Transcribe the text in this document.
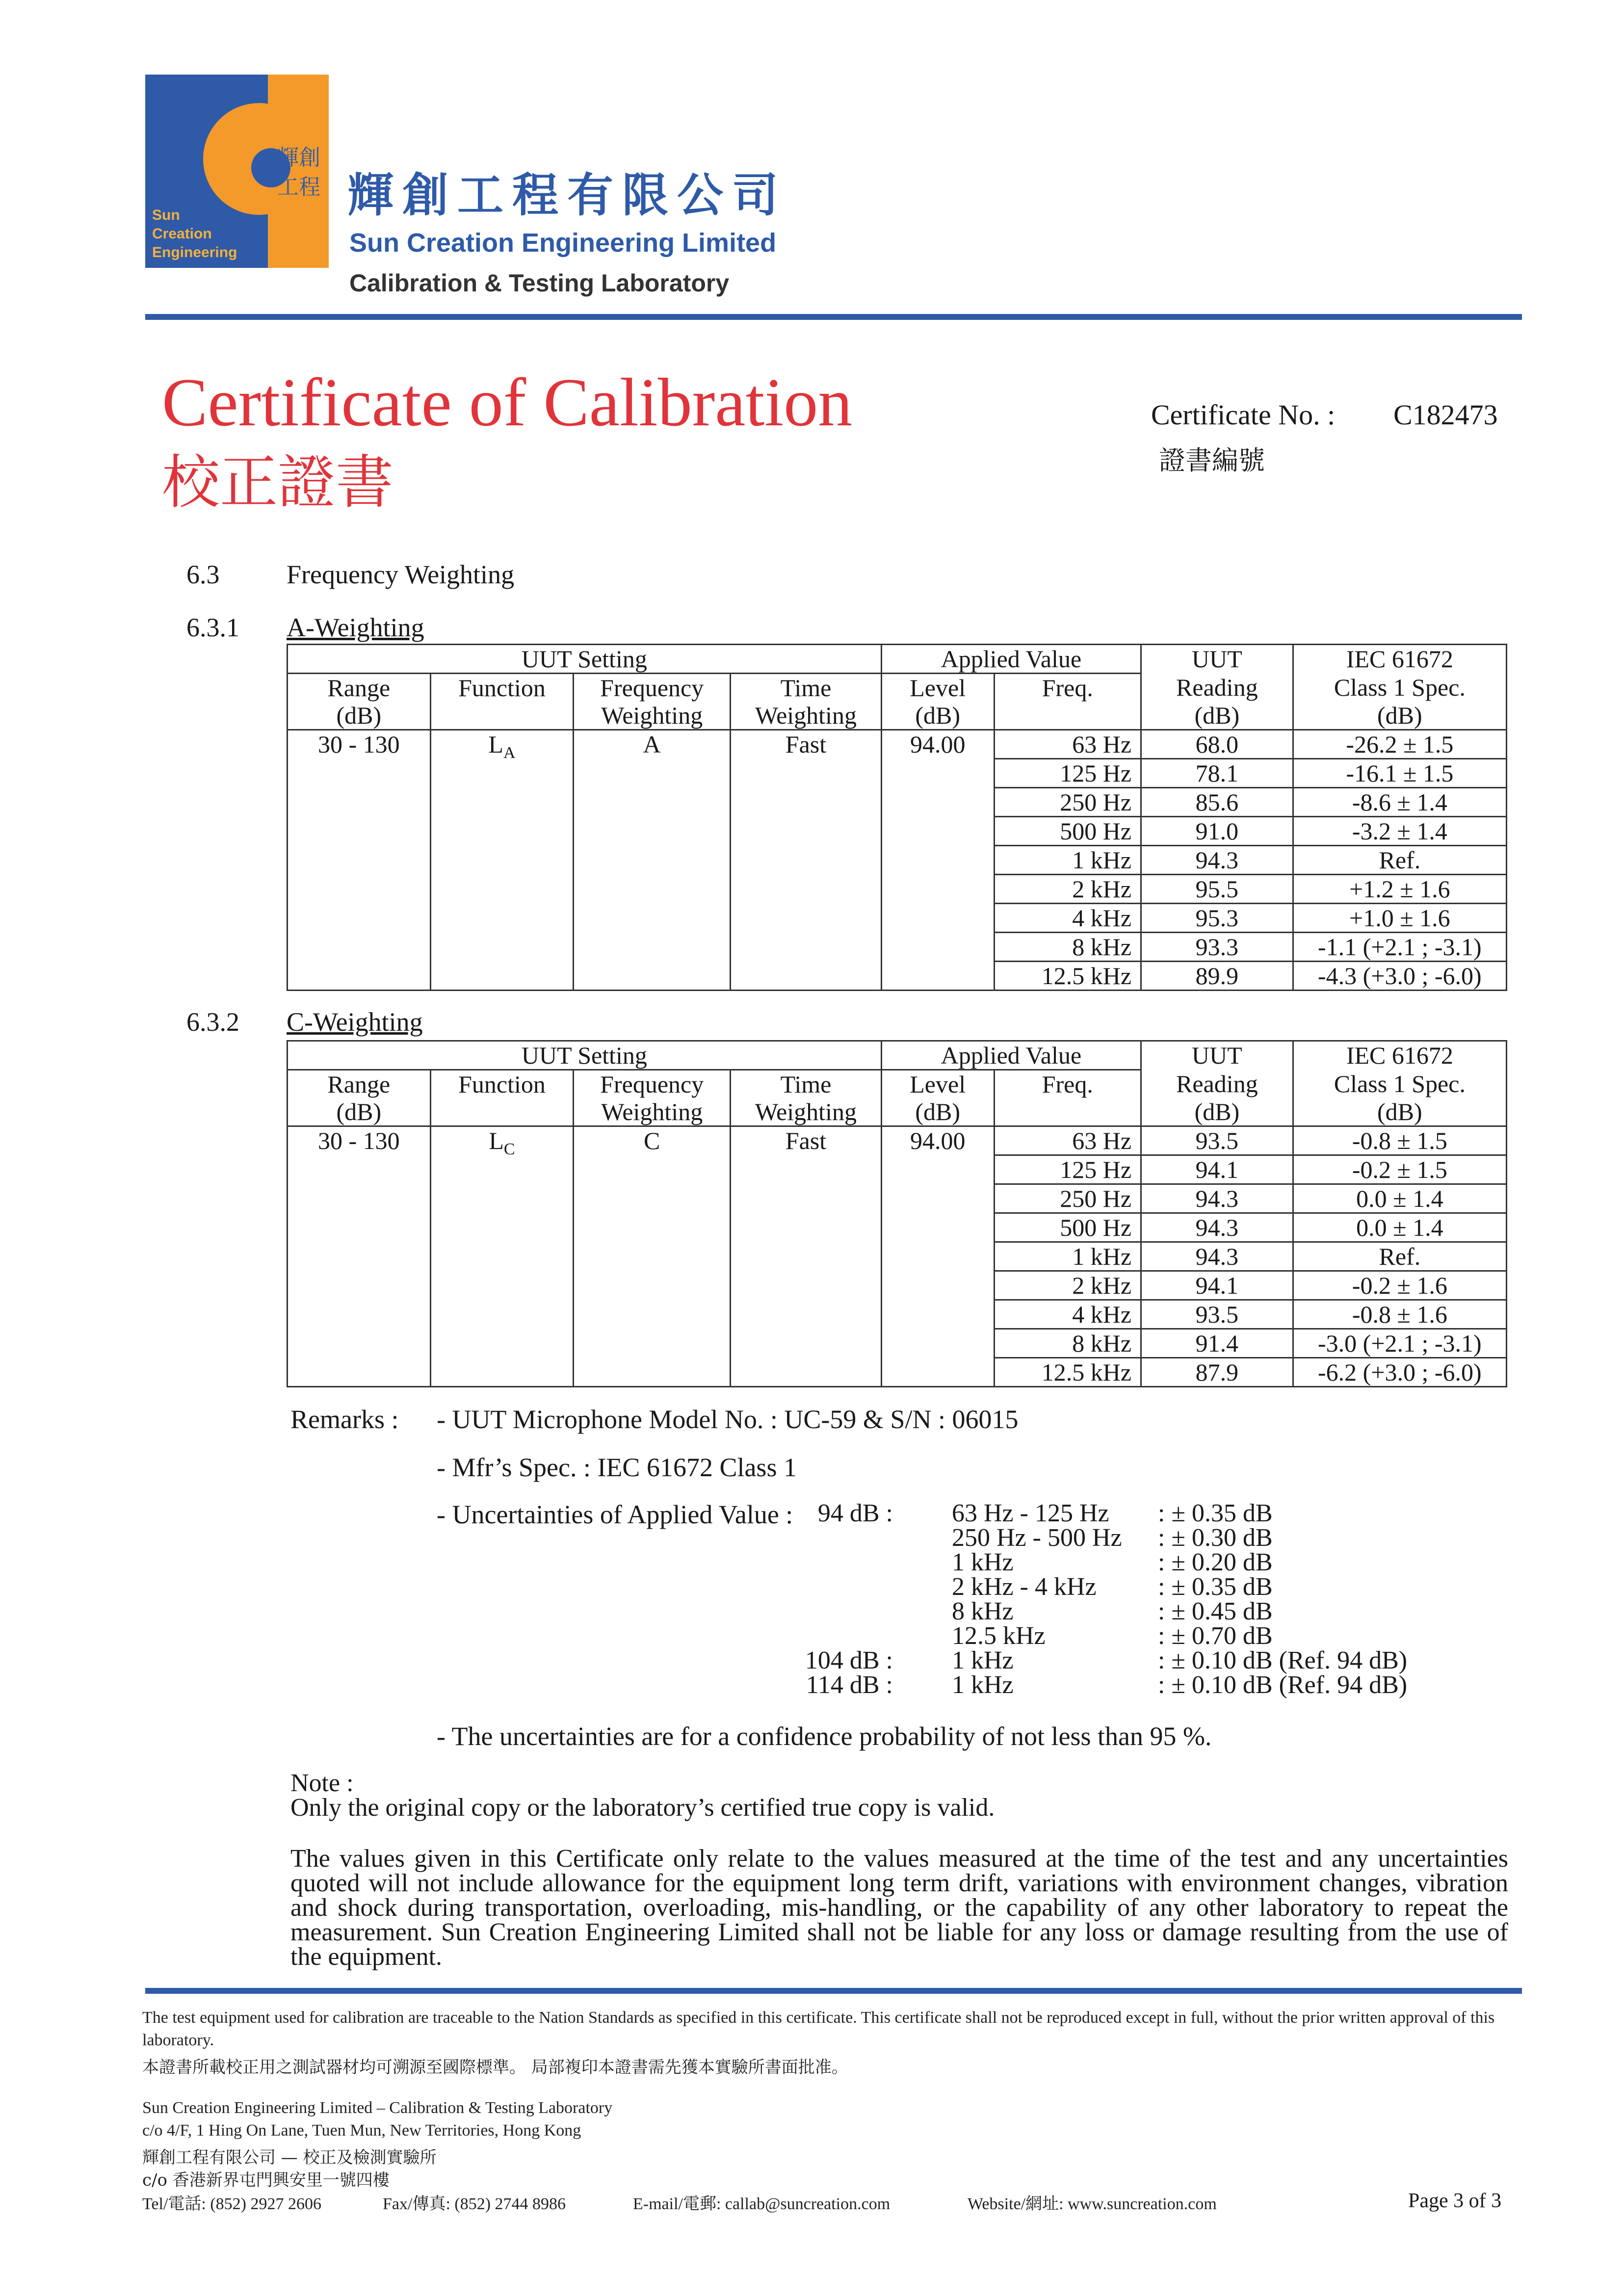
Sun
Creation
Engineering
輝創工程 輝創工程有限公司
Sun Creation Engineering Limited
Calibration & Testing Laboratory
Certificate of Calibration
校正證書
Certificate No. : C182473
證書編號
6.3	Frequency Weighting
6.3.1 A-Weighting
UUT Setting				Applied Value		UUT	IEC 61672
Range	Function	Frequency	Time	Level	Freq.	Reading	Class 1 Spec.
(dB)		Weighting	Weighting	(dB)		(dB)	(dB)
30 - 130	$L_A$	A	Fast	94.00	63 Hz	68.0	-26.2 ± 1.5
					125 Hz	78.1	-16.1 ± 1.5
					250 Hz	85.6	-8.6 ± 1.4
					500 Hz	91.0	-3.2 ± 1.4
					1 kHz	94.3	Ref.
					2 kHz	95.5	+1.2 ± 1.6
					4 kHz	95.3	+1.0 ± 1.6
					8 kHz	93.3	-1.1 (+2.1 ; -3.1)
					12.5 kHz	89.9	-4.3 (+3.0 ; -6.0)
6.3.2 C-Weighting
UUT Setting				Applied Value		UUT	IEC 61672
Range	Function	Frequency	Time	Level	Freq.	Reading	Class 1 Spec.
(dB)		Weighting	Weighting	(dB)		(dB)	(dB)
30 - 130	$L_C$	C	Fast	94.00	63 Hz	93.5	-0.8 ± 1.5
					125 Hz	94.1	-0.2 ± 1.5
					250 Hz	94.3	0.0 ± 1.4
					500 Hz	94.3	0.0 ± 1.4
					1 kHz	94.3	Ref.
					2 kHz	94.1	-0.2 ± 1.6
					4 kHz	93.5	-0.8 ± 1.6
					8 kHz	91.4	-3.0 (+2.1 ; -3.1)
					12.5 kHz	87.9	-6.2 (+3.0 ; -6.0)
Remarks : - UUT Microphone Model No. : UC-59 & S/N : 06015
- Mfr’s Spec. : IEC 61672 Class 1
- Uncertainties of Applied Value : 94 dB : 63 Hz - 125 Hz	: ± 0.35 dB
250 Hz - 500 Hz	: ± 0.30 dB
1 kHz	: ± 0.20 dB
2 kHz - 4 kHz	: ± 0.35 dB
8 kHz	: ± 0.45 dB
12.5 kHz	: ± 0.70 dB
104 dB : 1 kHz	: ± 0.10 dB (Ref. 94 dB)
114 dB : 1 kHz	: ± 0.10 dB (Ref. 94 dB)
- The uncertainties are for a confidence probability of not less than 95 %.
Note :
Only the original copy or the laboratory’s certified true copy is valid.
The values given in this Certificate only relate to the values measured at the time of the test and any uncertainties quoted will not include allowance for the equipment long term drift, variations with environment changes, vibration and shock during transportation, overloading, mis-handling, or the capability of any other laboratory to repeat the measurement. Sun Creation Engineering Limited shall not be liable for any loss or damage resulting from the use of the equipment.
The test equipment used for calibration are traceable to the Nation Standards as specified in this certificate. This certificate shall not be reproduced except in full, without the prior written approval of this laboratory.
本證書所載校正用之測試器材均可溯源至國際標準。 局部複印本證書需先獲本實驗所書面批准。
Sun Creation Engineering Limited – Calibration & Testing Laboratory
c/o 4/F, 1 Hing On Lane, Tuen Mun, New Territories, Hong Kong
輝創工程有限公司 — 校正及檢測實驗所
c/o 香港新界屯門興安里一號四樓
Tel/電話: (852) 2927 2606	Fax/傳真: (852) 2744 8986	E-mail/電郵: callab@suncreation.com	Website/網址: www.suncreation.com	Page 3 of 3
